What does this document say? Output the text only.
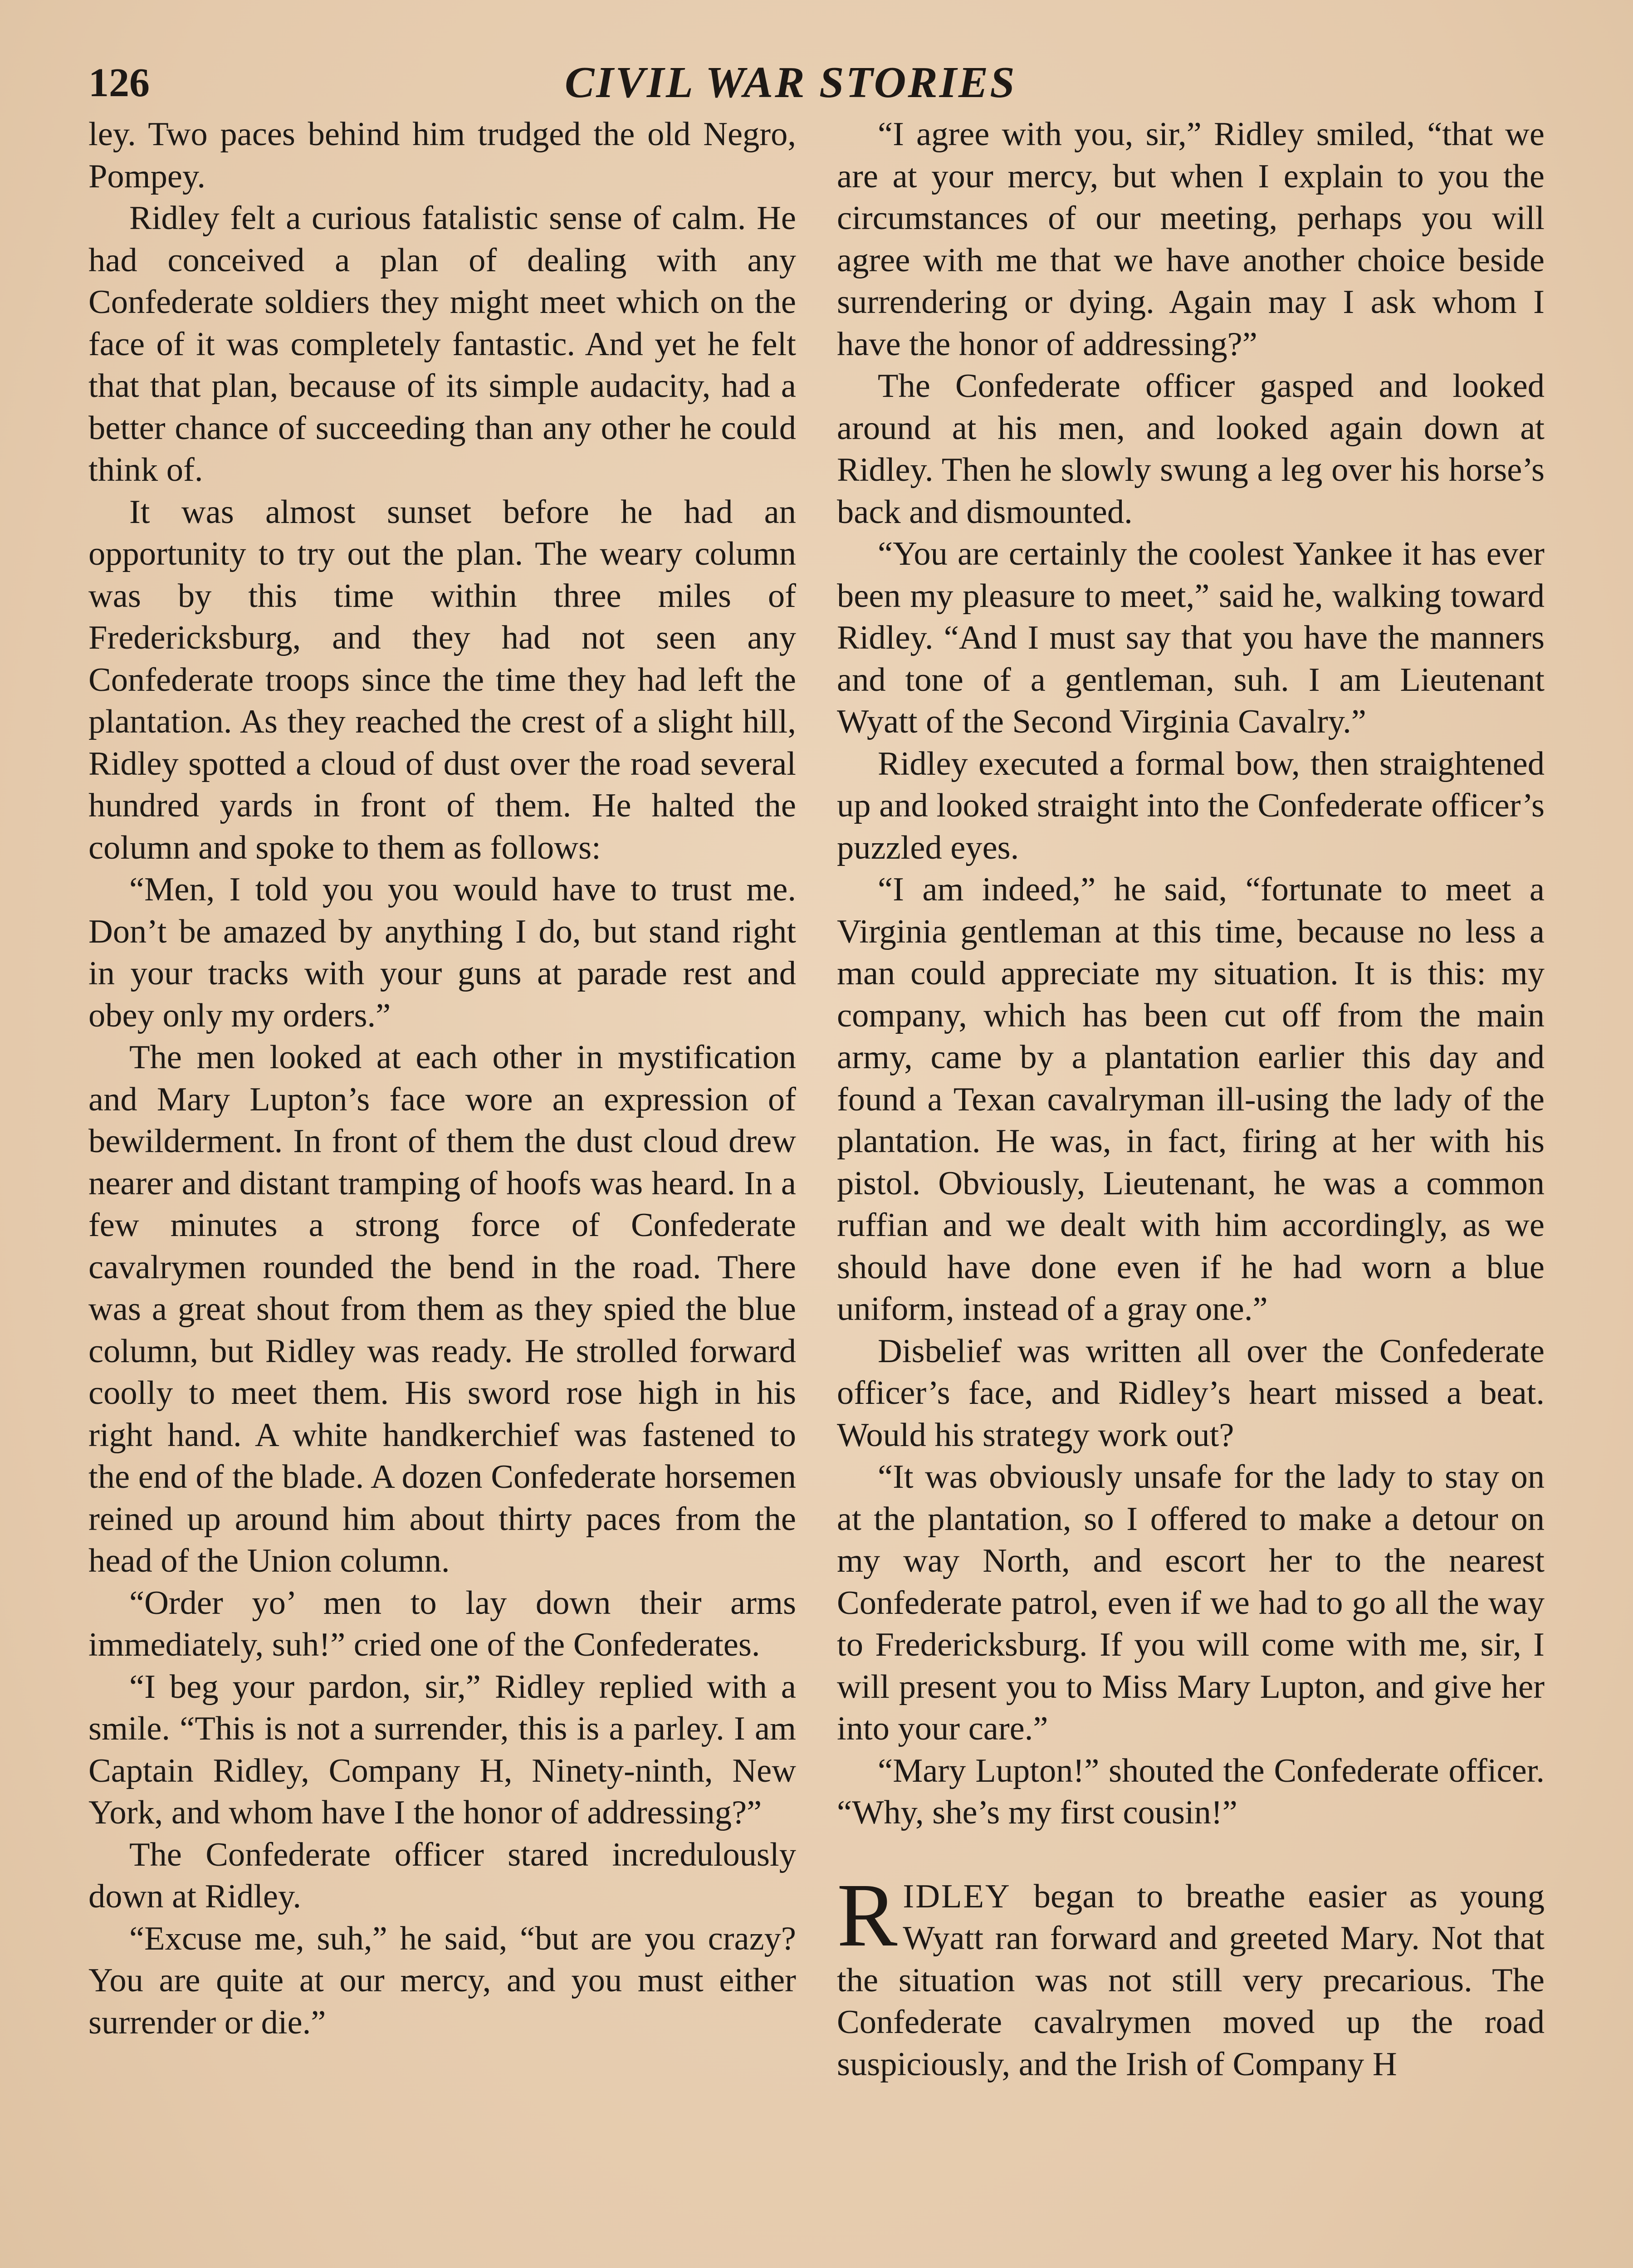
126	CIVIL WAR STORIES

ley. Two paces behind him trudged the old Negro, Pompey.

Ridley felt a curious fatalistic sense of calm. He had conceived a plan of dealing with any Confederate soldiers they might meet which on the face of it was completely fantastic. And yet he felt that that plan, because of its simple audacity, had a better chance of succeeding than any other he could think of.

It was almost sunset before he had an opportunity to try out the plan. The weary column was by this time within three miles of Fredericksburg, and they had not seen any Confederate troops since the time they had left the plantation. As they reached the crest of a slight hill, Ridley spotted a cloud of dust over the road several hundred yards in front of them. He halted the column and spoke to them as follows:

“Men, I told you you would have to trust me. Don’t be amazed by anything I do, but stand right in your tracks with your guns at parade rest and obey only my orders.”

The men looked at each other in mystification and Mary Lupton’s face wore an expression of bewilderment. In front of them the dust cloud drew nearer and distant tramping of hoofs was heard. In a few minutes a strong force of Confederate cavalrymen rounded the bend in the road. There was a great shout from them as they spied the blue column, but Ridley was ready. He strolled forward coolly to meet them. His sword rose high in his right hand. A white handkerchief was fastened to the end of the blade. A dozen Confederate horsemen reined up around him about thirty paces from the head of the Union column.

“Order yo’ men to lay down their arms immediately, suh!” cried one of the Confederates.

“I beg your pardon, sir,” Ridley replied with a smile. “This is not a surrender, this is a parley. I am Captain Ridley, Company H, Ninety-ninth, New York, and whom have I the honor of addressing?”

The Confederate officer stared incredulously down at Ridley.

“Excuse me, suh,” he said, “but are you crazy? You are quite at our mercy, and you must either surrender or die.”

“I agree with you, sir,” Ridley smiled, “that we are at your mercy, but when I explain to you the circumstances of our meeting, perhaps you will agree with me that we have another choice beside surrendering or dying. Again may I ask whom I have the honor of addressing?”

The Confederate officer gasped and looked around at his men, and looked again down at Ridley. Then he slowly swung a leg over his horse’s back and dismounted.

“You are certainly the coolest Yankee it has ever been my pleasure to meet,” said he, walking toward Ridley. “And I must say that you have the manners and tone of a gentleman, suh. I am Lieutenant Wyatt of the Second Virginia Cavalry.”

Ridley executed a formal bow, then straightened up and looked straight into the Confederate officer’s puzzled eyes.

“I am indeed,” he said, “fortunate to meet a Virginia gentleman at this time, because no less a man could appreciate my situation. It is this: my company, which has been cut off from the main army, came by a plantation earlier this day and found a Texan cavalryman ill-using the lady of the plantation. He was, in fact, firing at her with his pistol. Obviously, Lieutenant, he was a common ruffian and we dealt with him accordingly, as we should have done even if he had worn a blue uniform, instead of a gray one.”

Disbelief was written all over the Confederate officer’s face, and Ridley’s heart missed a beat. Would his strategy work out?

“It was obviously unsafe for the lady to stay on at the plantation, so I offered to make a detour on my way North, and escort her to the nearest Confederate patrol, even if we had to go all the way to Fredericksburg. If you will come with me, sir, I will present you to Miss Mary Lupton, and give her into your care.”

“Mary Lupton!” shouted the Confederate officer. “Why, she’s my first cousin!”

RIDLEY began to breathe easier as young Wyatt ran forward and greeted Mary. Not that the situation was not still very precarious. The Confederate cavalrymen moved up the road suspiciously, and the Irish of Company H
